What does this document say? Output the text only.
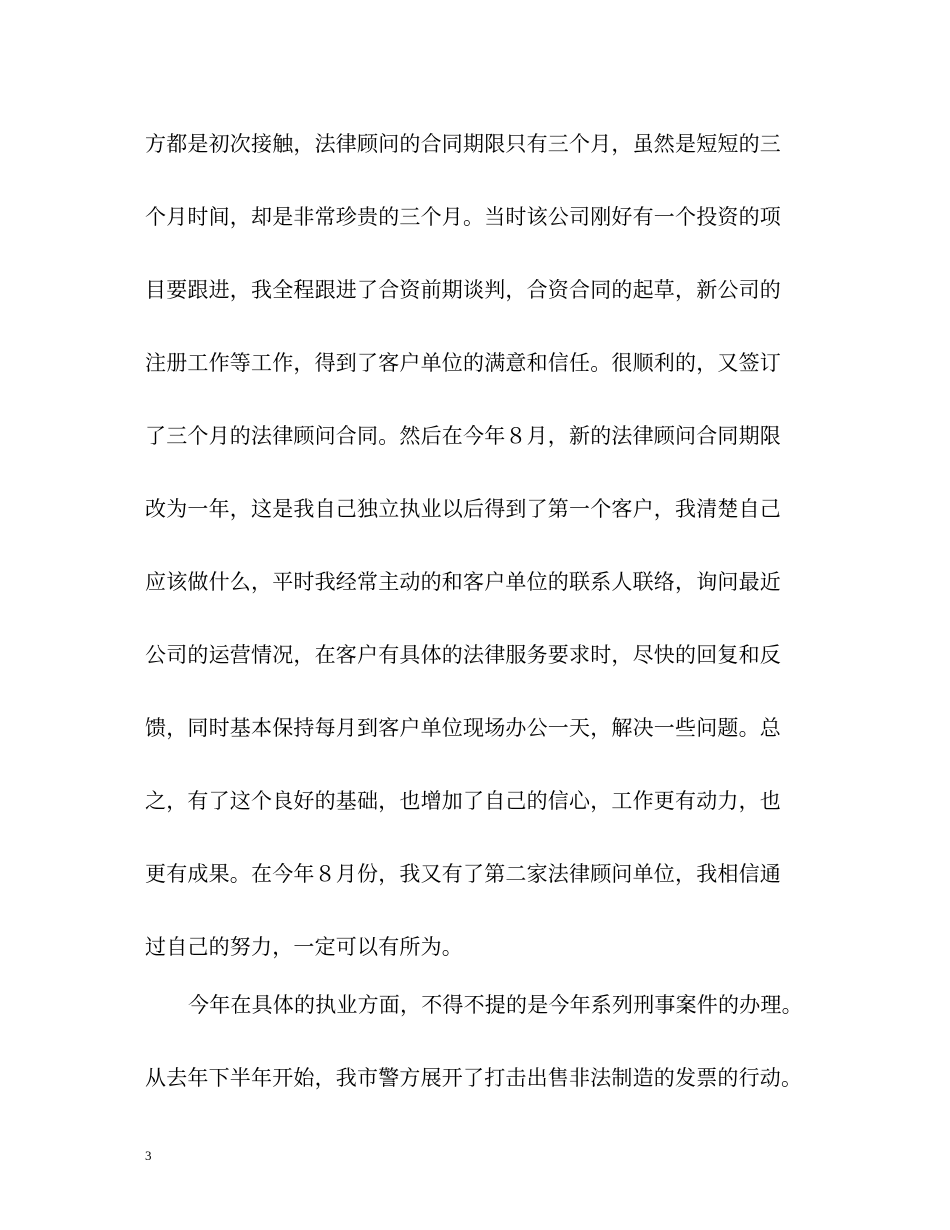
方都是初次接触，法律顾问的合同期限只有三个月，虽然是短短的三
个月时间，却是非常珍贵的三个月。当时该公司刚好有一个投资的项
目要跟进，我全程跟进了合资前期谈判，合资合同的起草，新公司的
注册工作等工作，得到了客户单位的满意和信任。很顺利的，又签订
了三个月的法律顾问合同。然后在今年８月，新的法律顾问合同期限
改为一年，这是我自己独立执业以后得到了第一个客户，我清楚自己
应该做什么，平时我经常主动的和客户单位的联系人联络，询问最近
公司的运营情况，在客户有具体的法律服务要求时，尽快的回复和反
馈，同时基本保持每月到客户单位现场办公一天，解决一些问题。总
之，有了这个良好的基础，也增加了自己的信心，工作更有动力，也
更有成果。在今年８月份，我又有了第二家法律顾问单位，我相信通
过自己的努力，一定可以有所为。
今年在具体的执业方面，不得不提的是今年系列刑事案件的办理。
从去年下半年开始，我市警方展开了打击出售非法制造的发票的行动。
3
